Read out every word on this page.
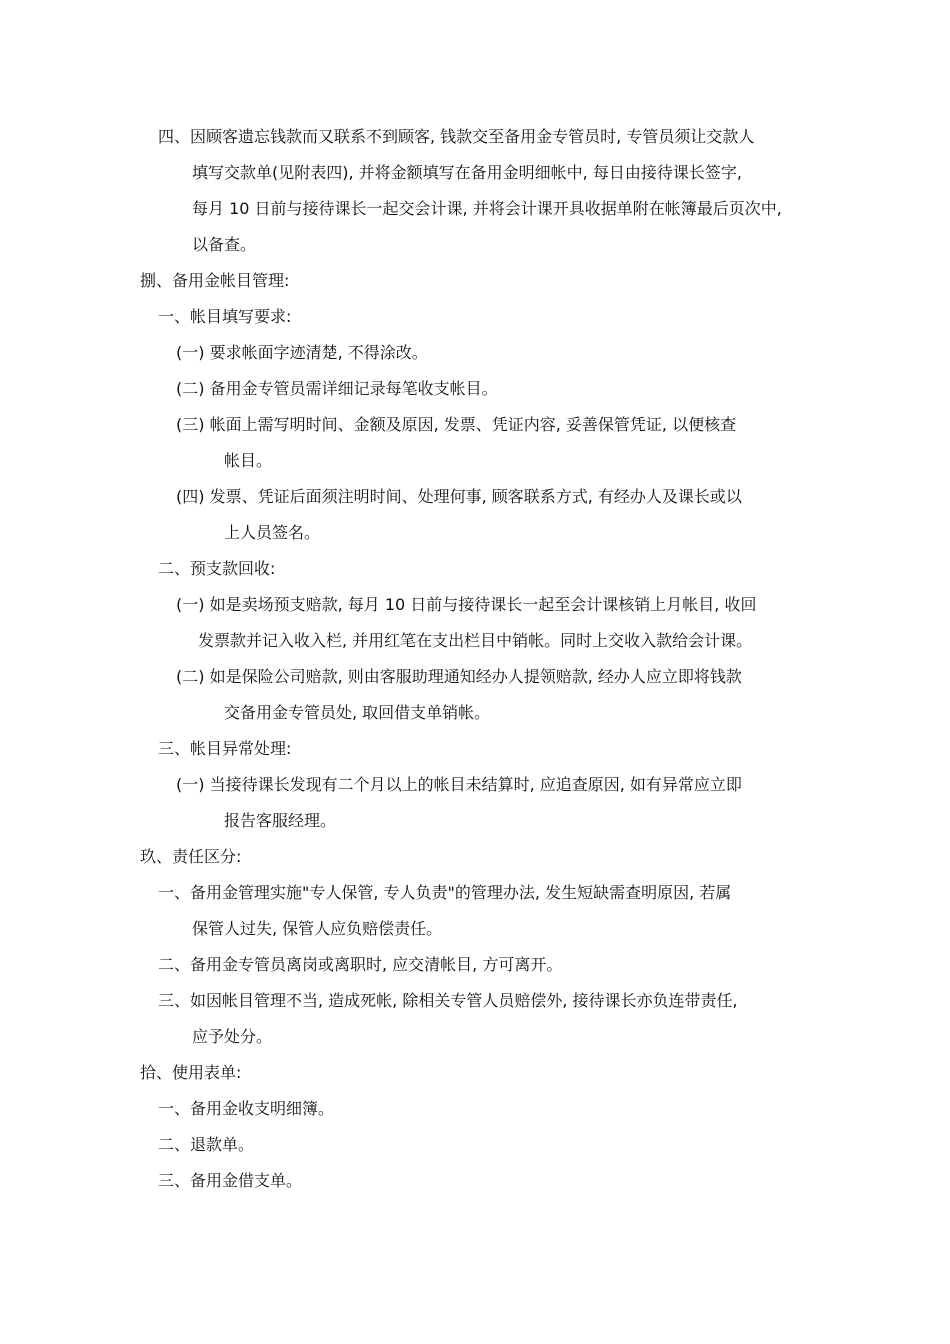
四、因顾客遗忘钱款而又联系不到顾客, 钱款交至备用金专管员时, 专管员须让交款人
填写交款单(见附表四), 并将金额填写在备用金明细帐中, 每日由接待课长签字,
每月 10 日前与接待课长一起交会计课, 并将会计课开具收据单附在帐簿最后页次中,
以备查。
捌、备用金帐目管理:
一、帐目填写要求:
(一) 要求帐面字迹清楚, 不得涂改。
(二) 备用金专管员需详细记录每笔收支帐目。
(三) 帐面上需写明时间、金额及原因, 发票、凭证内容, 妥善保管凭证, 以便核查
帐目。
(四) 发票、凭证后面须注明时间、处理何事, 顾客联系方式, 有经办人及课长或以
上人员签名。
二、预支款回收:
(一) 如是卖场预支赔款, 每月 10 日前与接待课长一起至会计课核销上月帐目, 收回
发票款并记入收入栏, 并用红笔在支出栏目中销帐。同时上交收入款给会计课。
(二) 如是保险公司赔款, 则由客服助理通知经办人提领赔款, 经办人应立即将钱款
交备用金专管员处, 取回借支单销帐。
三、帐目异常处理:
(一) 当接待课长发现有二个月以上的帐目未结算时, 应追查原因, 如有异常应立即
报告客服经理。
玖、责任区分:
一、备用金管理实施"专人保管, 专人负责"的管理办法, 发生短缺需查明原因, 若属
保管人过失, 保管人应负赔偿责任。
二、备用金专管员离岗或离职时, 应交清帐目, 方可离开。
三、如因帐目管理不当, 造成死帐, 除相关专管人员赔偿外, 接待课长亦负连带责任,
应予处分。
拾、使用表单:
一、备用金收支明细簿。
二、退款单。
三、备用金借支单。
